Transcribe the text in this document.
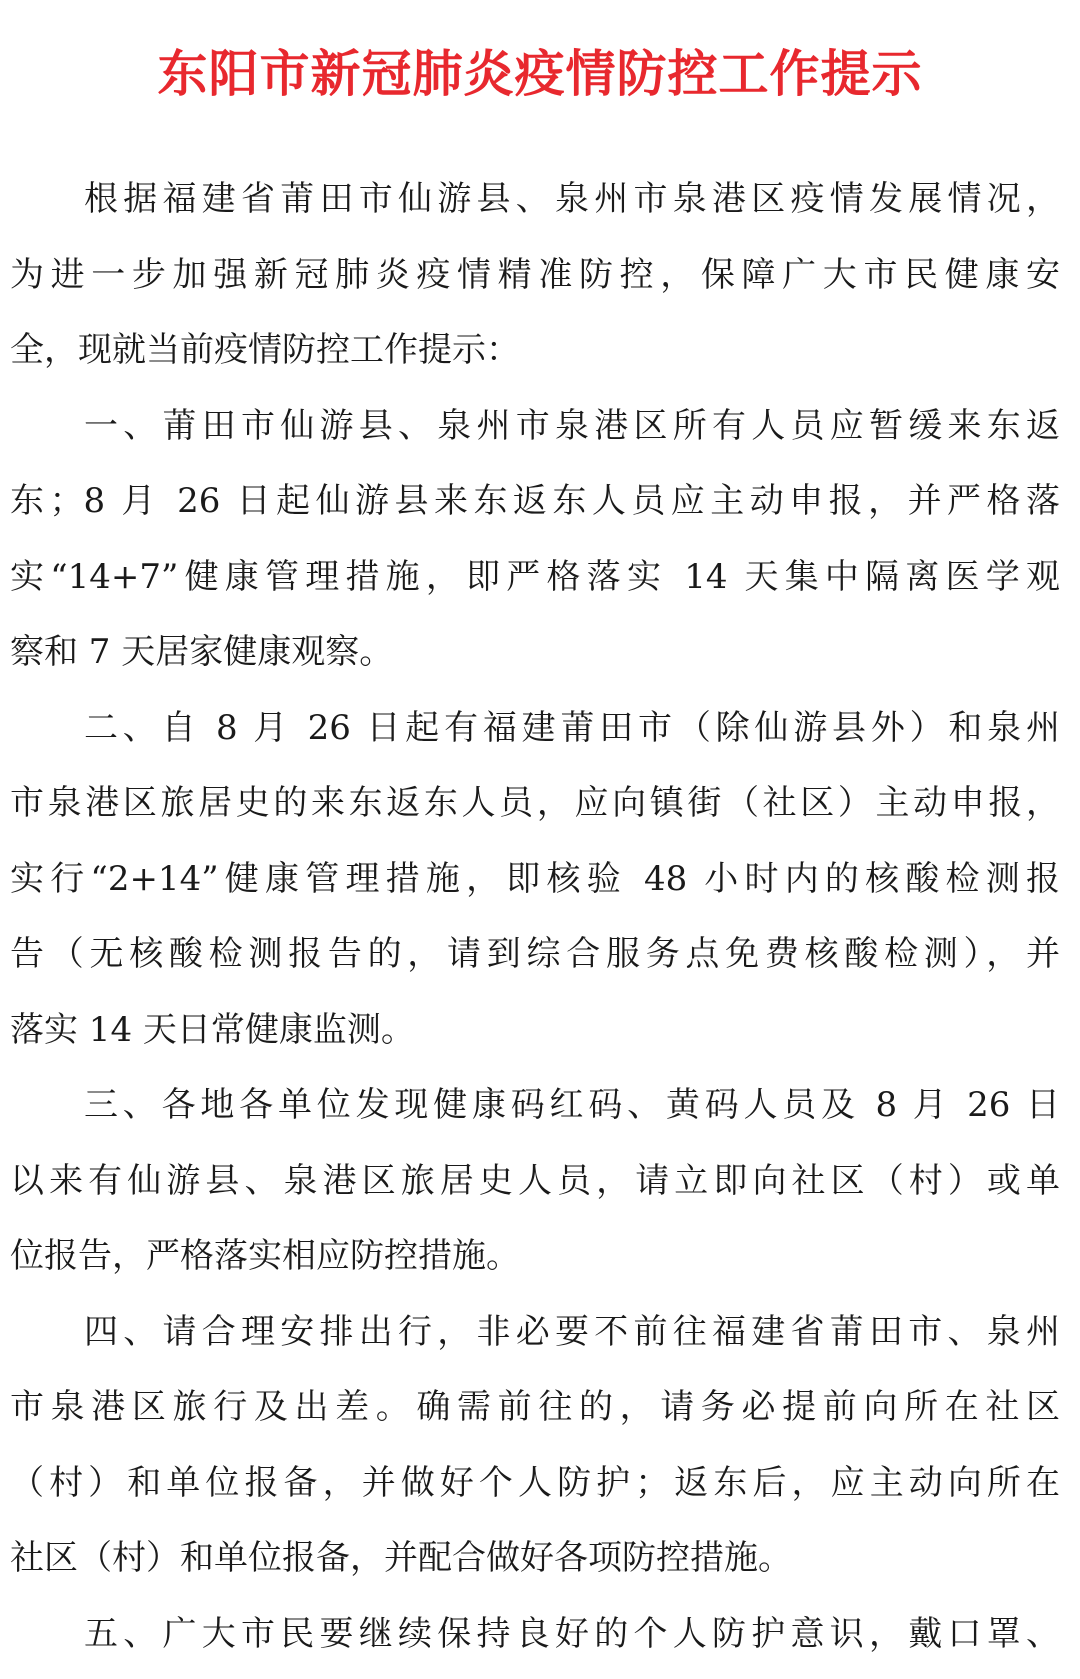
东阳市新冠肺炎疫情防控工作提示
根据福建省莆田市仙游县、泉州市泉港区疫情发展情况，
为进一步加强新冠肺炎疫情精准防控，保障广大市民健康安
全，现就当前疫情防控工作提示：
一、莆田市仙游县、泉州市泉港区所有人员应暂缓来东返
东；8 月 26 日起仙游县来东返东人员应主动申报，并严格落
实“14+7”健康管理措施，即严格落实 14 天集中隔离医学观
察和 7 天居家健康观察。
二、自 8 月 26 日起有福建莆田市（除仙游县外）和泉州
市泉港区旅居史的来东返东人员，应向镇街（社区）主动申报，
实行“2+14”健康管理措施，即核验 48 小时内的核酸检测报
告（无核酸检测报告的，请到综合服务点免费核酸检测），并
落实 14 天日常健康监测。
三、各地各单位发现健康码红码、黄码人员及 8 月 26 日
以来有仙游县、泉港区旅居史人员，请立即向社区（村）或单
位报告，严格落实相应防控措施。
四、请合理安排出行，非必要不前往福建省莆田市、泉州
市泉港区旅行及出差。确需前往的，请务必提前向所在社区
（村）和单位报备，并做好个人防护；返东后，应主动向所在
社区（村）和单位报备，并配合做好各项防控措施。
五、广大市民要继续保持良好的个人防护意识，戴口罩、
